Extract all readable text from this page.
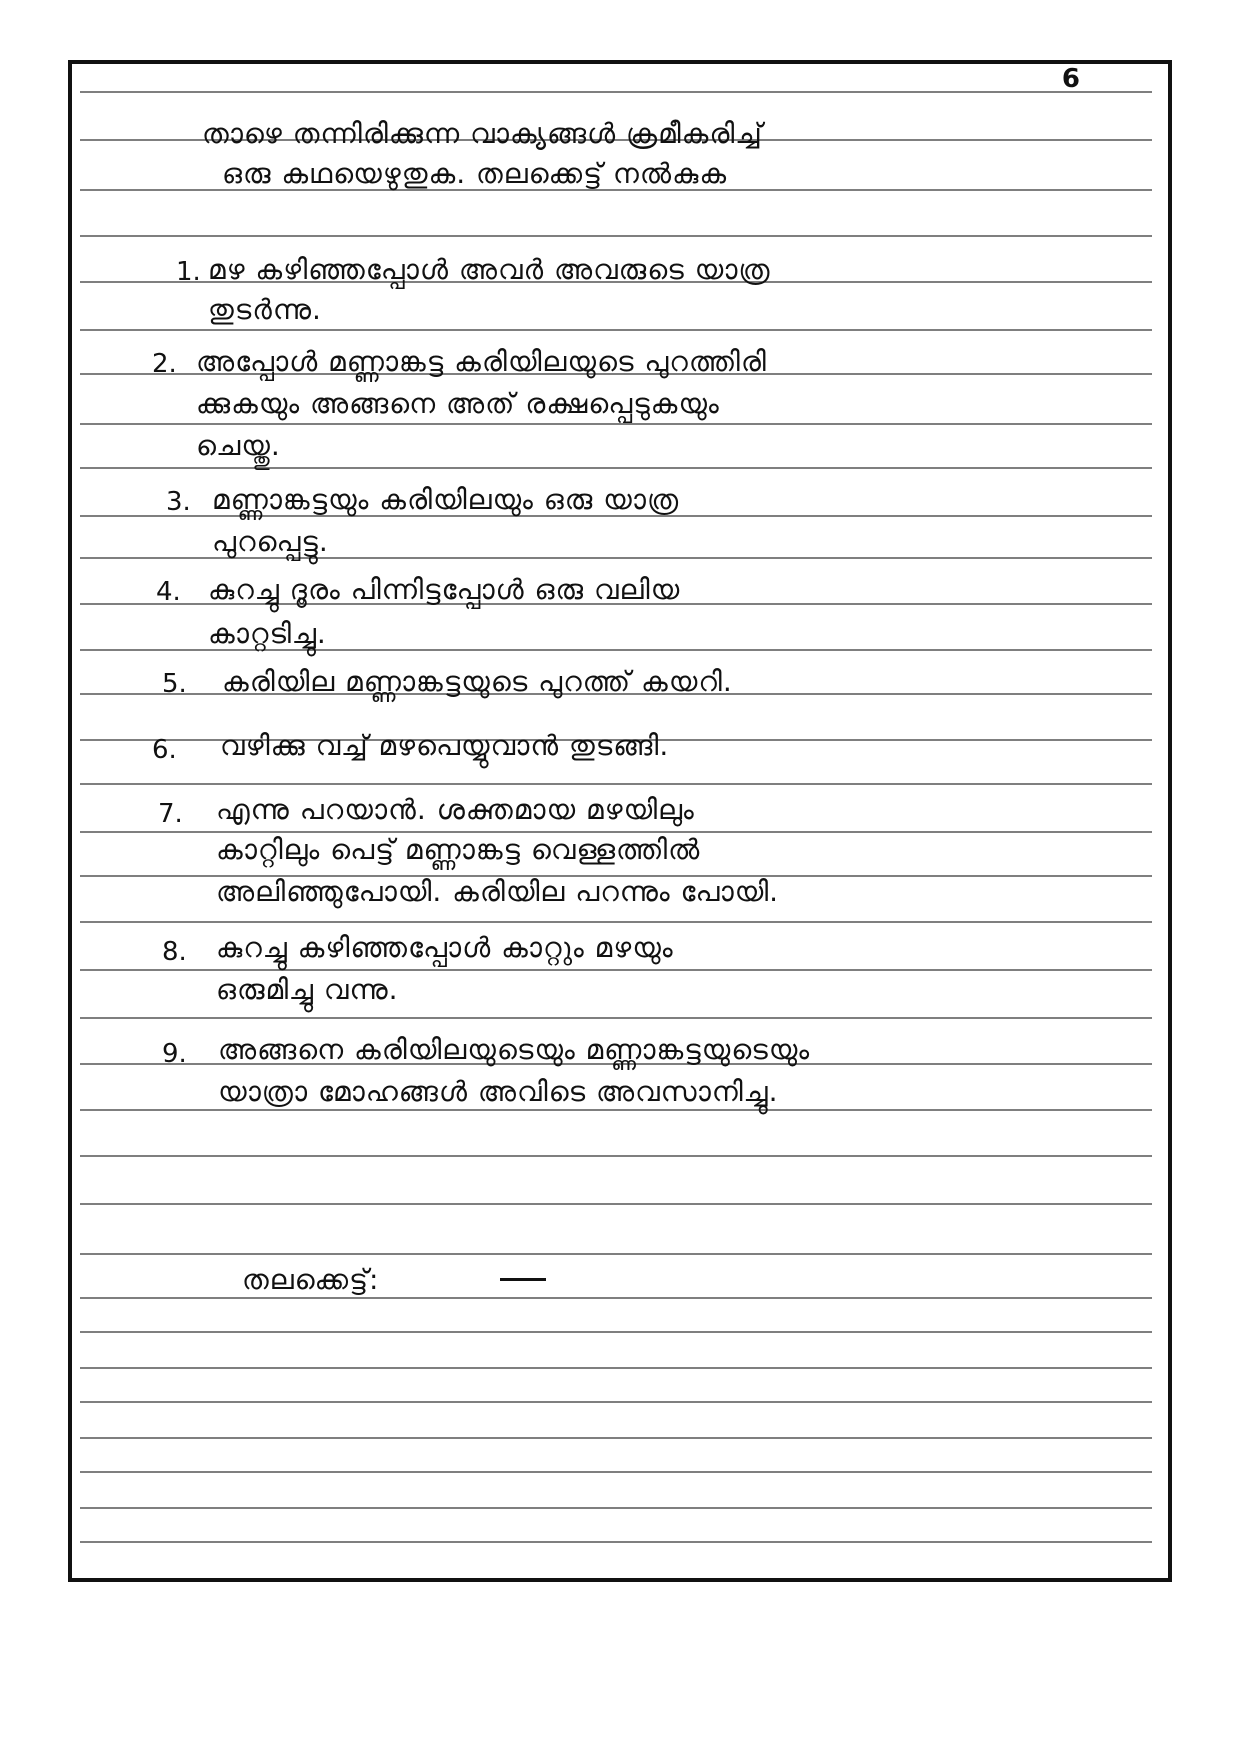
6
താഴെ തന്നിരിക്കുന്ന വാക്യങ്ങൾ ക്രമീകരിച്ച്
ഒരു കഥയെഴുതുക. തലക്കെട്ട് നൽകുക
1. മഴ കഴിഞ്ഞപ്പോൾ അവർ അവരുടെ യാത്ര
തുടർന്നു.
2. അപ്പോൾ മണ്ണാങ്കട്ട കരിയിലയുടെ പുറത്തിരി
ക്കുകയും അങ്ങനെ അത് രക്ഷപ്പെടുകയും
ചെയ്തു.
3. മണ്ണാങ്കട്ടയും കരിയിലയും ഒരു യാത്ര
പുറപ്പെട്ടു.
4. കുറച്ചു ദൂരം പിന്നിട്ടപ്പോൾ ഒരു വലിയ
കാറ്റടിച്ചു.
5. കരിയില മണ്ണാങ്കട്ടയുടെ പുറത്ത് കയറി.
6. വഴിക്കു വച്ച് മഴപെയ്യുവാൻ തുടങ്ങി.
7. എന്നു പറയാൻ. ശക്തമായ മഴയിലും
കാറ്റിലും പെട്ട് മണ്ണാങ്കട്ട വെള്ളത്തിൽ
അലിഞ്ഞുപോയി. കരിയില പറന്നും പോയി.
8. കുറച്ചു കഴിഞ്ഞപ്പോൾ കാറ്റും മഴയും
ഒരുമിച്ചു വന്നു.
9. അങ്ങനെ കരിയിലയുടെയും മണ്ണാങ്കട്ടയുടെയും
യാത്രാ മോഹങ്ങൾ അവിടെ അവസാനിച്ചു.
തലക്കെട്ട്:
